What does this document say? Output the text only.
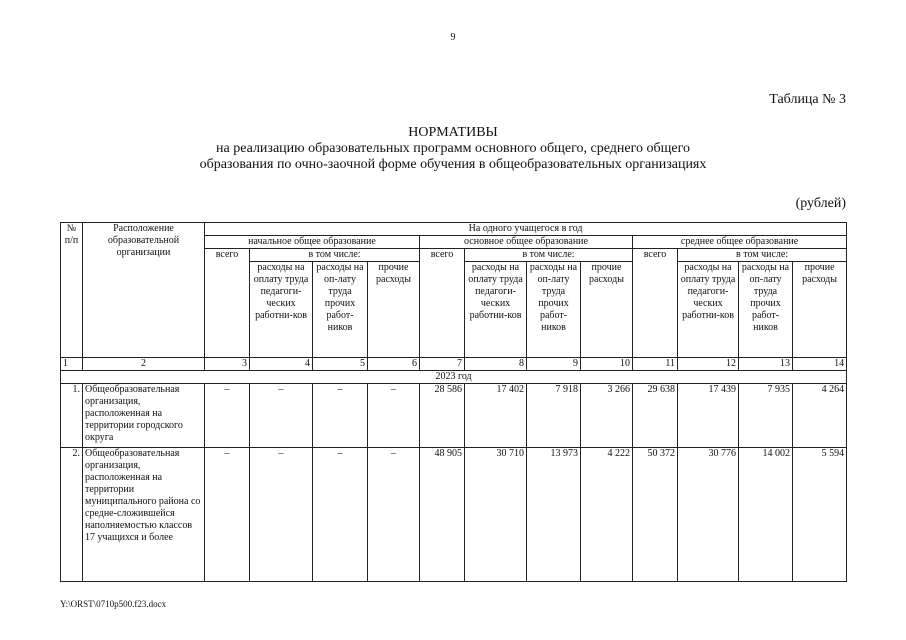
9
Таблица № 3
НОРМАТИВЫ
на реализацию образовательных программ основного общего, среднего общего
образования по очно-заочной форме обучения в общеобразовательных организациях
(рублей)
№ п/п	Расположение образовательной организации	На одного учащегося в год											
		начальное общее образование				основное общее образование				среднее общее образование			
		всего	в том числе:			всего	в том числе:			всего	в том числе:		
			расходы на оплату труда педагоги-ческих работни-ков	расходы на оп-лату труда прочих работ-ников	прочие расходы		расходы на оплату труда педагоги-ческих работни-ков	расходы на оп-лату труда прочих работ-ников	прочие расходы		расходы на оплату труда педагоги-ческих работни-ков	расходы на оп-лату труда прочих работ-ников	прочие расходы
1	2	3	4	5	6	7	8	9	10	11	12	13	14
2023 год													
1.	Общеобразовательная организация, расположенная на территории городского округа	–	–	–	–	28 586	17 402	7 918	3 266	29 638	17 439	7 935	4 264
2.	Общеобразовательная организация, расположенная на территории муниципального района со средне-сложившейся наполняемостью классов 17 учащихся и более	–	–	–	–	48 905	30 710	13 973	4 222	50 372	30 776	14 002	5 594
Y:\ORST\0710p500.f23.docx
